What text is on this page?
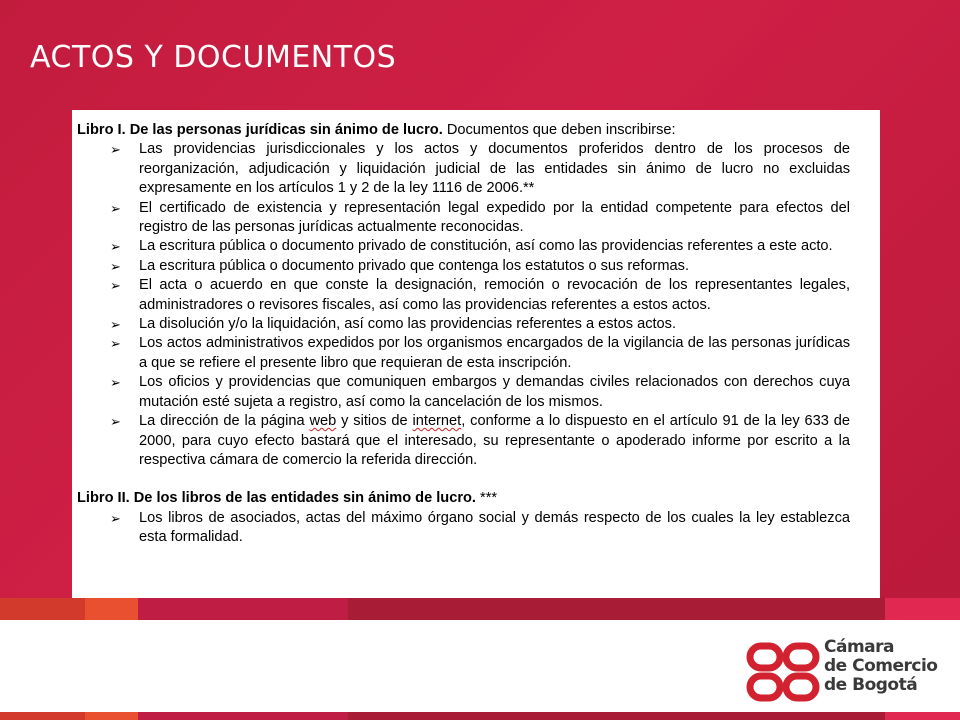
ACTOS Y DOCUMENTOS

Libro I. De las personas jurídicas sin ánimo de lucro. Documentos que deben inscribirse:

➢ Las providencias jurisdiccionales y los actos y documentos proferidos dentro de los procesos de reorganización, adjudicación y liquidación judicial de las entidades sin ánimo de lucro no excluidas expresamente en los artículos 1 y 2 de la ley 1116 de 2006.**
➢ El certificado de existencia y representación legal expedido por la entidad competente para efectos del registro de las personas jurídicas actualmente reconocidas.
➢ La escritura pública o documento privado de constitución, así como las providencias referentes a este acto.
➢ La escritura pública o documento privado que contenga los estatutos o sus reformas.
➢ El acta o acuerdo en que conste la designación, remoción o revocación de los representantes legales, administradores o revisores fiscales, así como las providencias referentes a estos actos.
➢ La disolución y/o la liquidación, así como las providencias referentes a estos actos.
➢ Los actos administrativos expedidos por los organismos encargados de la vigilancia de las personas jurídicas a que se refiere el presente libro que requieran de esta inscripción.
➢ Los oficios y providencias que comuniquen embargos y demandas civiles relacionados con derechos cuya mutación esté sujeta a registro, así como la cancelación de los mismos.
➢ La dirección de la página web y sitios de internet, conforme a lo dispuesto en el artículo 91 de la ley 633 de 2000, para cuyo efecto bastará que el interesado, su representante o apoderado informe por escrito a la respectiva cámara de comercio la referida dirección.

Libro II. De los libros de las entidades sin ánimo de lucro. ***

➢ Los libros de asociados, actas del máximo órgano social y demás respecto de los cuales la ley establezca esta formalidad.
Cámara
de Comercio
de Bogotá
